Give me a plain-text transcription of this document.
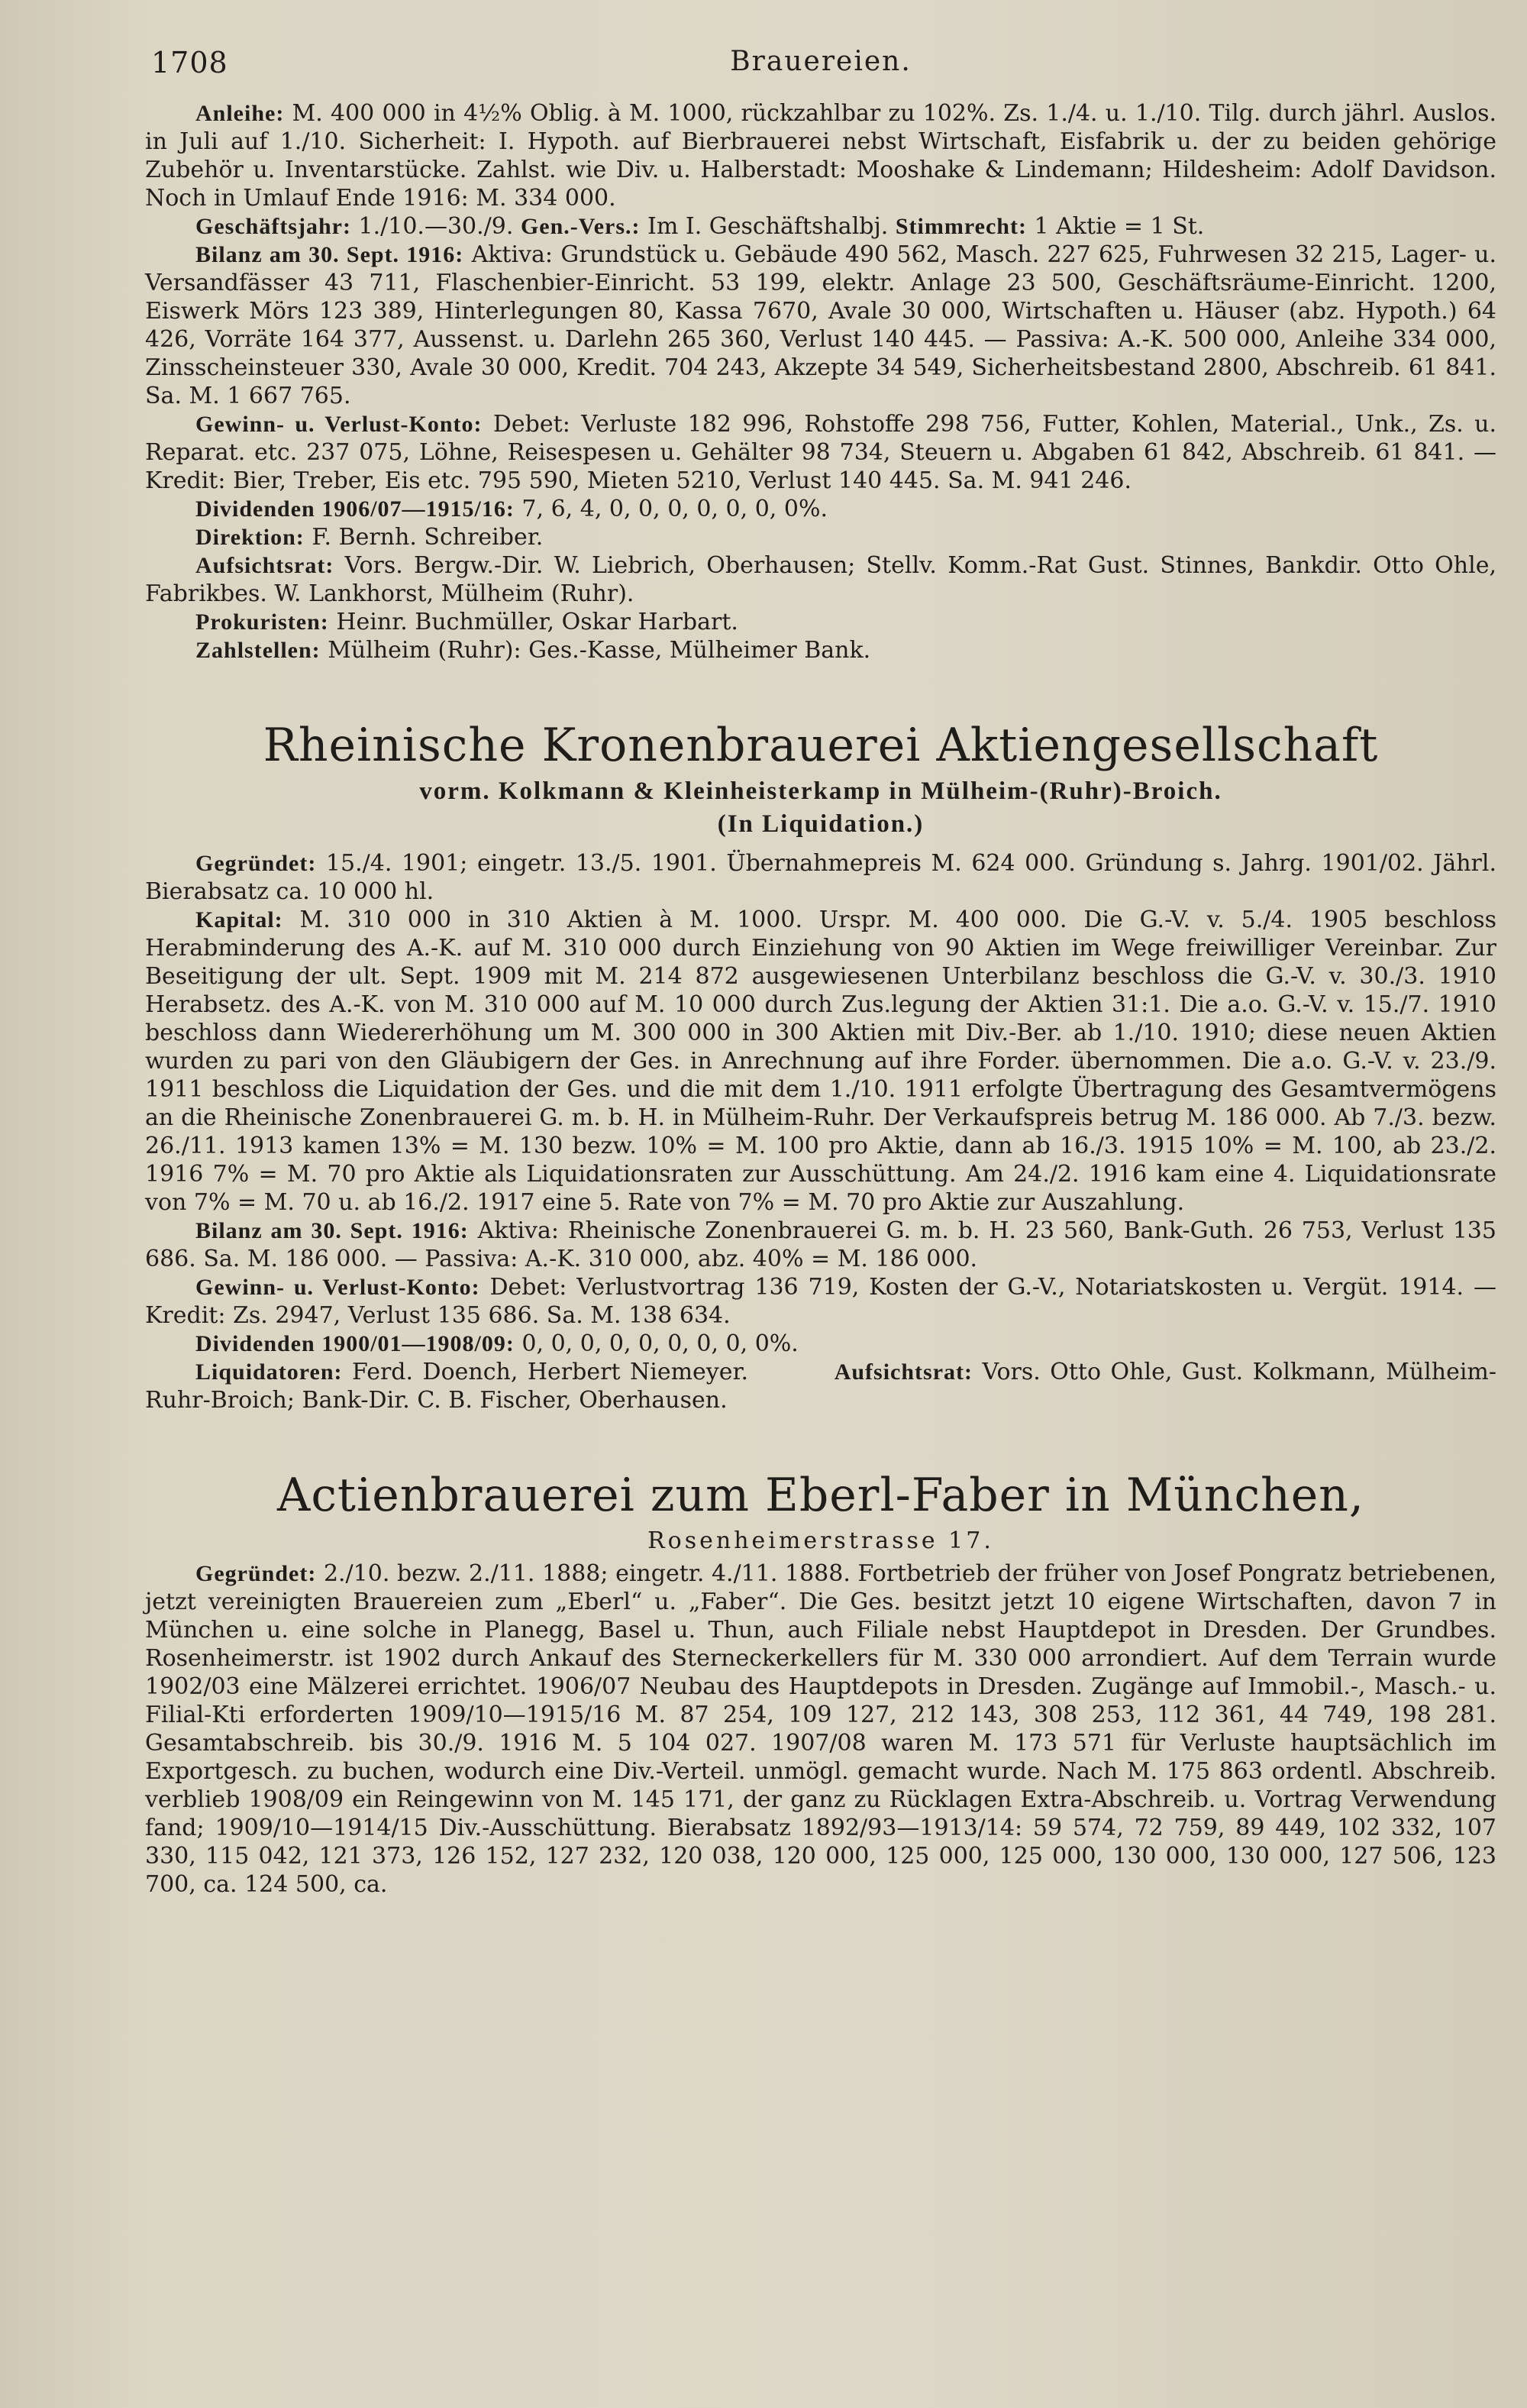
1708	Brauereien.

Anleihe: M. 400 000 in 4½% Oblig. à M. 1000, rückzahlbar zu 102%. Zs. 1./4. u. 1./10. Tilg. durch jährl. Auslos. in Juli auf 1./10. Sicherheit: I. Hypoth. auf Bierbrauerei nebst Wirtschaft, Eisfabrik u. der zu beiden gehörige Zubehör u. Inventarstücke. Zahlst. wie Div. u. Halberstadt: Mooshake & Lindemann; Hildesheim: Adolf Davidson. Noch in Umlauf Ende 1916: M. 334 000.

Geschäftsjahr: 1./10.—30./9. Gen.-Vers.: Im I. Geschäftshalbj. Stimmrecht: 1 Aktie = 1 St.

Bilanz am 30. Sept. 1916: Aktiva: Grundstück u. Gebäude 490 562, Masch. 227 625, Fuhrwesen 32 215, Lager- u. Versandfässer 43 711, Flaschenbier-Einricht. 53 199, elektr. Anlage 23 500, Geschäftsräume-Einricht. 1200, Eiswerk Mörs 123 389, Hinterlegungen 80, Kassa 7670, Avale 30 000, Wirtschaften u. Häuser (abz. Hypoth.) 64 426, Vorräte 164 377, Aussenst. u. Darlehn 265 360, Verlust 140 445. — Passiva: A.-K. 500 000, Anleihe 334 000, Zinsscheinsteuer 330, Avale 30 000, Kredit. 704 243, Akzepte 34 549, Sicherheitsbestand 2800, Abschreib. 61 841. Sa. M. 1 667 765.

Gewinn- u. Verlust-Konto: Debet: Verluste 182 996, Rohstoffe 298 756, Futter, Kohlen, Material., Unk., Zs. u. Reparat. etc. 237 075, Löhne, Reisespesen u. Gehälter 98 734, Steuern u. Abgaben 61 842, Abschreib. 61 841. — Kredit: Bier, Treber, Eis etc. 795 590, Mieten 5210, Verlust 140 445. Sa. M. 941 246.

Dividenden 1906/07—1915/16: 7, 6, 4, 0, 0, 0, 0, 0, 0, 0%.

Direktion: F. Bernh. Schreiber.

Aufsichtsrat: Vors. Bergw.-Dir. W. Liebrich, Oberhausen; Stellv. Komm.-Rat Gust. Stinnes, Bankdir. Otto Ohle, Fabrikbes. W. Lankhorst, Mülheim (Ruhr).

Prokuristen: Heinr. Buchmüller, Oskar Harbart.

Zahlstellen: Mülheim (Ruhr): Ges.-Kasse, Mülheimer Bank.

Rheinische Kronenbrauerei Aktiengesellschaft
vorm. Kolkmann & Kleinheisterkamp in Mülheim-(Ruhr)-Broich.
(In Liquidation.)

Gegründet: 15./4. 1901; eingetr. 13./5. 1901. Übernahmepreis M. 624 000. Gründung s. Jahrg. 1901/02. Jährl. Bierabsatz ca. 10 000 hl.

Kapital: M. 310 000 in 310 Aktien à M. 1000. Urspr. M. 400 000. Die G.-V. v. 5./4. 1905 beschloss Herabminderung des A.-K. auf M. 310 000 durch Einziehung von 90 Aktien im Wege freiwilliger Vereinbar. Zur Beseitigung der ult. Sept. 1909 mit M. 214 872 ausgewiesenen Unterbilanz beschloss die G.-V. v. 30./3. 1910 Herabsetz. des A.-K. von M. 310 000 auf M. 10 000 durch Zus.legung der Aktien 31:1. Die a.o. G.-V. v. 15./7. 1910 beschloss dann Wiedererhöhung um M. 300 000 in 300 Aktien mit Div.-Ber. ab 1./10. 1910; diese neuen Aktien wurden zu pari von den Gläubigern der Ges. in Anrechnung auf ihre Forder. übernommen. Die a.o. G.-V. v. 23./9. 1911 beschloss die Liquidation der Ges. und die mit dem 1./10. 1911 erfolgte Übertragung des Gesamtvermögens an die Rheinische Zonenbrauerei G. m. b. H. in Mülheim-Ruhr. Der Verkaufspreis betrug M. 186 000. Ab 7./3. bezw. 26./11. 1913 kamen 13% = M. 130 bezw. 10% = M. 100 pro Aktie, dann ab 16./3. 1915 10% = M. 100, ab 23./2. 1916 7% = M. 70 pro Aktie als Liquidationsraten zur Ausschüttung. Am 24./2. 1916 kam eine 4. Liquidationsrate von 7% = M. 70 u. ab 16./2. 1917 eine 5. Rate von 7% = M. 70 pro Aktie zur Auszahlung.

Bilanz am 30. Sept. 1916: Aktiva: Rheinische Zonenbrauerei G. m. b. H. 23 560, Bank-Guth. 26 753, Verlust 135 686. Sa. M. 186 000. — Passiva: A.-K. 310 000, abz. 40% = M. 186 000.

Gewinn- u. Verlust-Konto: Debet: Verlustvortrag 136 719, Kosten der G.-V., Notariatskosten u. Vergüt. 1914. — Kredit: Zs. 2947, Verlust 135 686. Sa. M. 138 634.

Dividenden 1900/01—1908/09: 0, 0, 0, 0, 0, 0, 0, 0, 0%.

Liquidatoren: Ferd. Doench, Herbert Niemeyer.	Aufsichtsrat: Vors. Otto Ohle, Gust. Kolkmann, Mülheim-Ruhr-Broich; Bank-Dir. C. B. Fischer, Oberhausen.

Actienbrauerei zum Eberl-Faber in München,
Rosenheimerstrasse 17.

Gegründet: 2./10. bezw. 2./11. 1888; eingetr. 4./11. 1888. Fortbetrieb der früher von Josef Pongratz betriebenen, jetzt vereinigten Brauereien zum „Eberl“ u. „Faber“. Die Ges. besitzt jetzt 10 eigene Wirtschaften, davon 7 in München u. eine solche in Planegg, Basel u. Thun, auch Filiale nebst Hauptdepot in Dresden. Der Grundbes. Rosenheimerstr. ist 1902 durch Ankauf des Sterneckerkellers für M. 330 000 arrondiert. Auf dem Terrain wurde 1902/03 eine Mälzerei errichtet. 1906/07 Neubau des Hauptdepots in Dresden. Zugänge auf Immobil.-, Masch.- u. Filial-Kti erforderten 1909/10—1915/16 M. 87 254, 109 127, 212 143, 308 253, 112 361, 44 749, 198 281. Gesamtabschreib. bis 30./9. 1916 M. 5 104 027. 1907/08 waren M. 173 571 für Verluste hauptsächlich im Exportgesch. zu buchen, wodurch eine Div.-Verteil. unmögl. gemacht wurde. Nach M. 175 863 ordentl. Abschreib. verblieb 1908/09 ein Reingewinn von M. 145 171, der ganz zu Rücklagen Extra-Abschreib. u. Vortrag Verwendung fand; 1909/10—1914/15 Div.-Ausschüttung. Bierabsatz 1892/93—1913/14: 59 574, 72 759, 89 449, 102 332, 107 330, 115 042, 121 373, 126 152, 127 232, 120 038, 120 000, 125 000, 125 000, 130 000, 130 000, 127 506, 123 700, ca. 124 500, ca.
